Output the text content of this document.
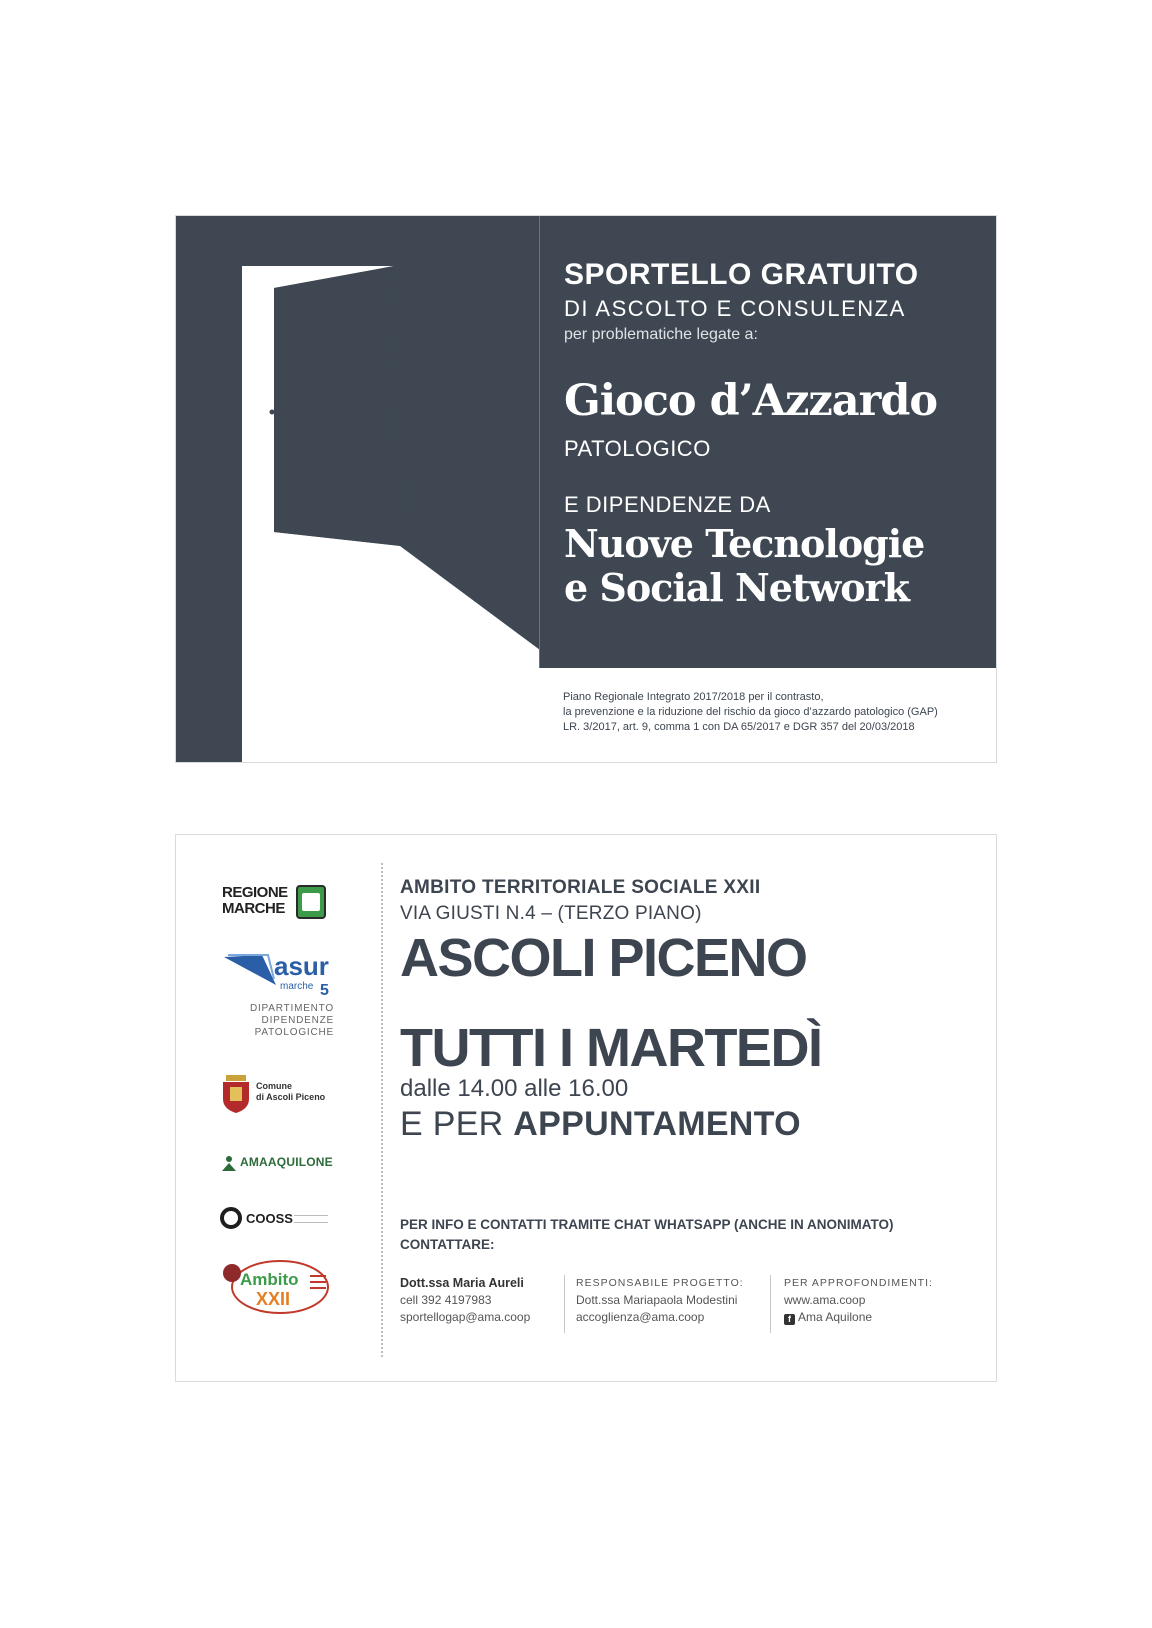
SPORTELLO GRATUITO
DI ASCOLTO E CONSULENZA
per problematiche legate a:
Gioco d’Azzardo
PATOLOGICO
E DIPENDENZE DA
Nuove Tecnologie
e Social Network
Piano Regionale Integrato 2017/2018 per il contrasto,
la prevenzione e la riduzione del rischio da gioco d’azzardo patologico (GAP)
LR. 3/2017, art. 9, comma 1 con DA 65/2017 e DGR 357 del 20/03/2018
REGIONE
MARCHE
asur
marche 5
DIPARTIMENTO
DIPENDENZE
PATOLOGICHE
Comune
di Ascoli Piceno
AMAAQUILONE
COOSS
Ambito
XXII
AMBITO TERRITORIALE SOCIALE XXII
VIA GIUSTI N.4 – (TERZO PIANO)
ASCOLI PICENO
TUTTI I MARTEDÌ
dalle 14.00 alle 16.00
E PER APPUNTAMENTO
PER INFO E CONTATTI TRAMITE CHAT WHATSAPP (ANCHE IN ANONIMATO)
CONTATTARE:
Dott.ssa Maria Aureli
cell 392 4197983
sportellogap@ama.coop
RESPONSABILE PROGETTO:
Dott.ssa Mariapaola Modestini
accoglienza@ama.coop
PER APPROFONDIMENTI:
www.ama.coop
f Ama Aquilone
